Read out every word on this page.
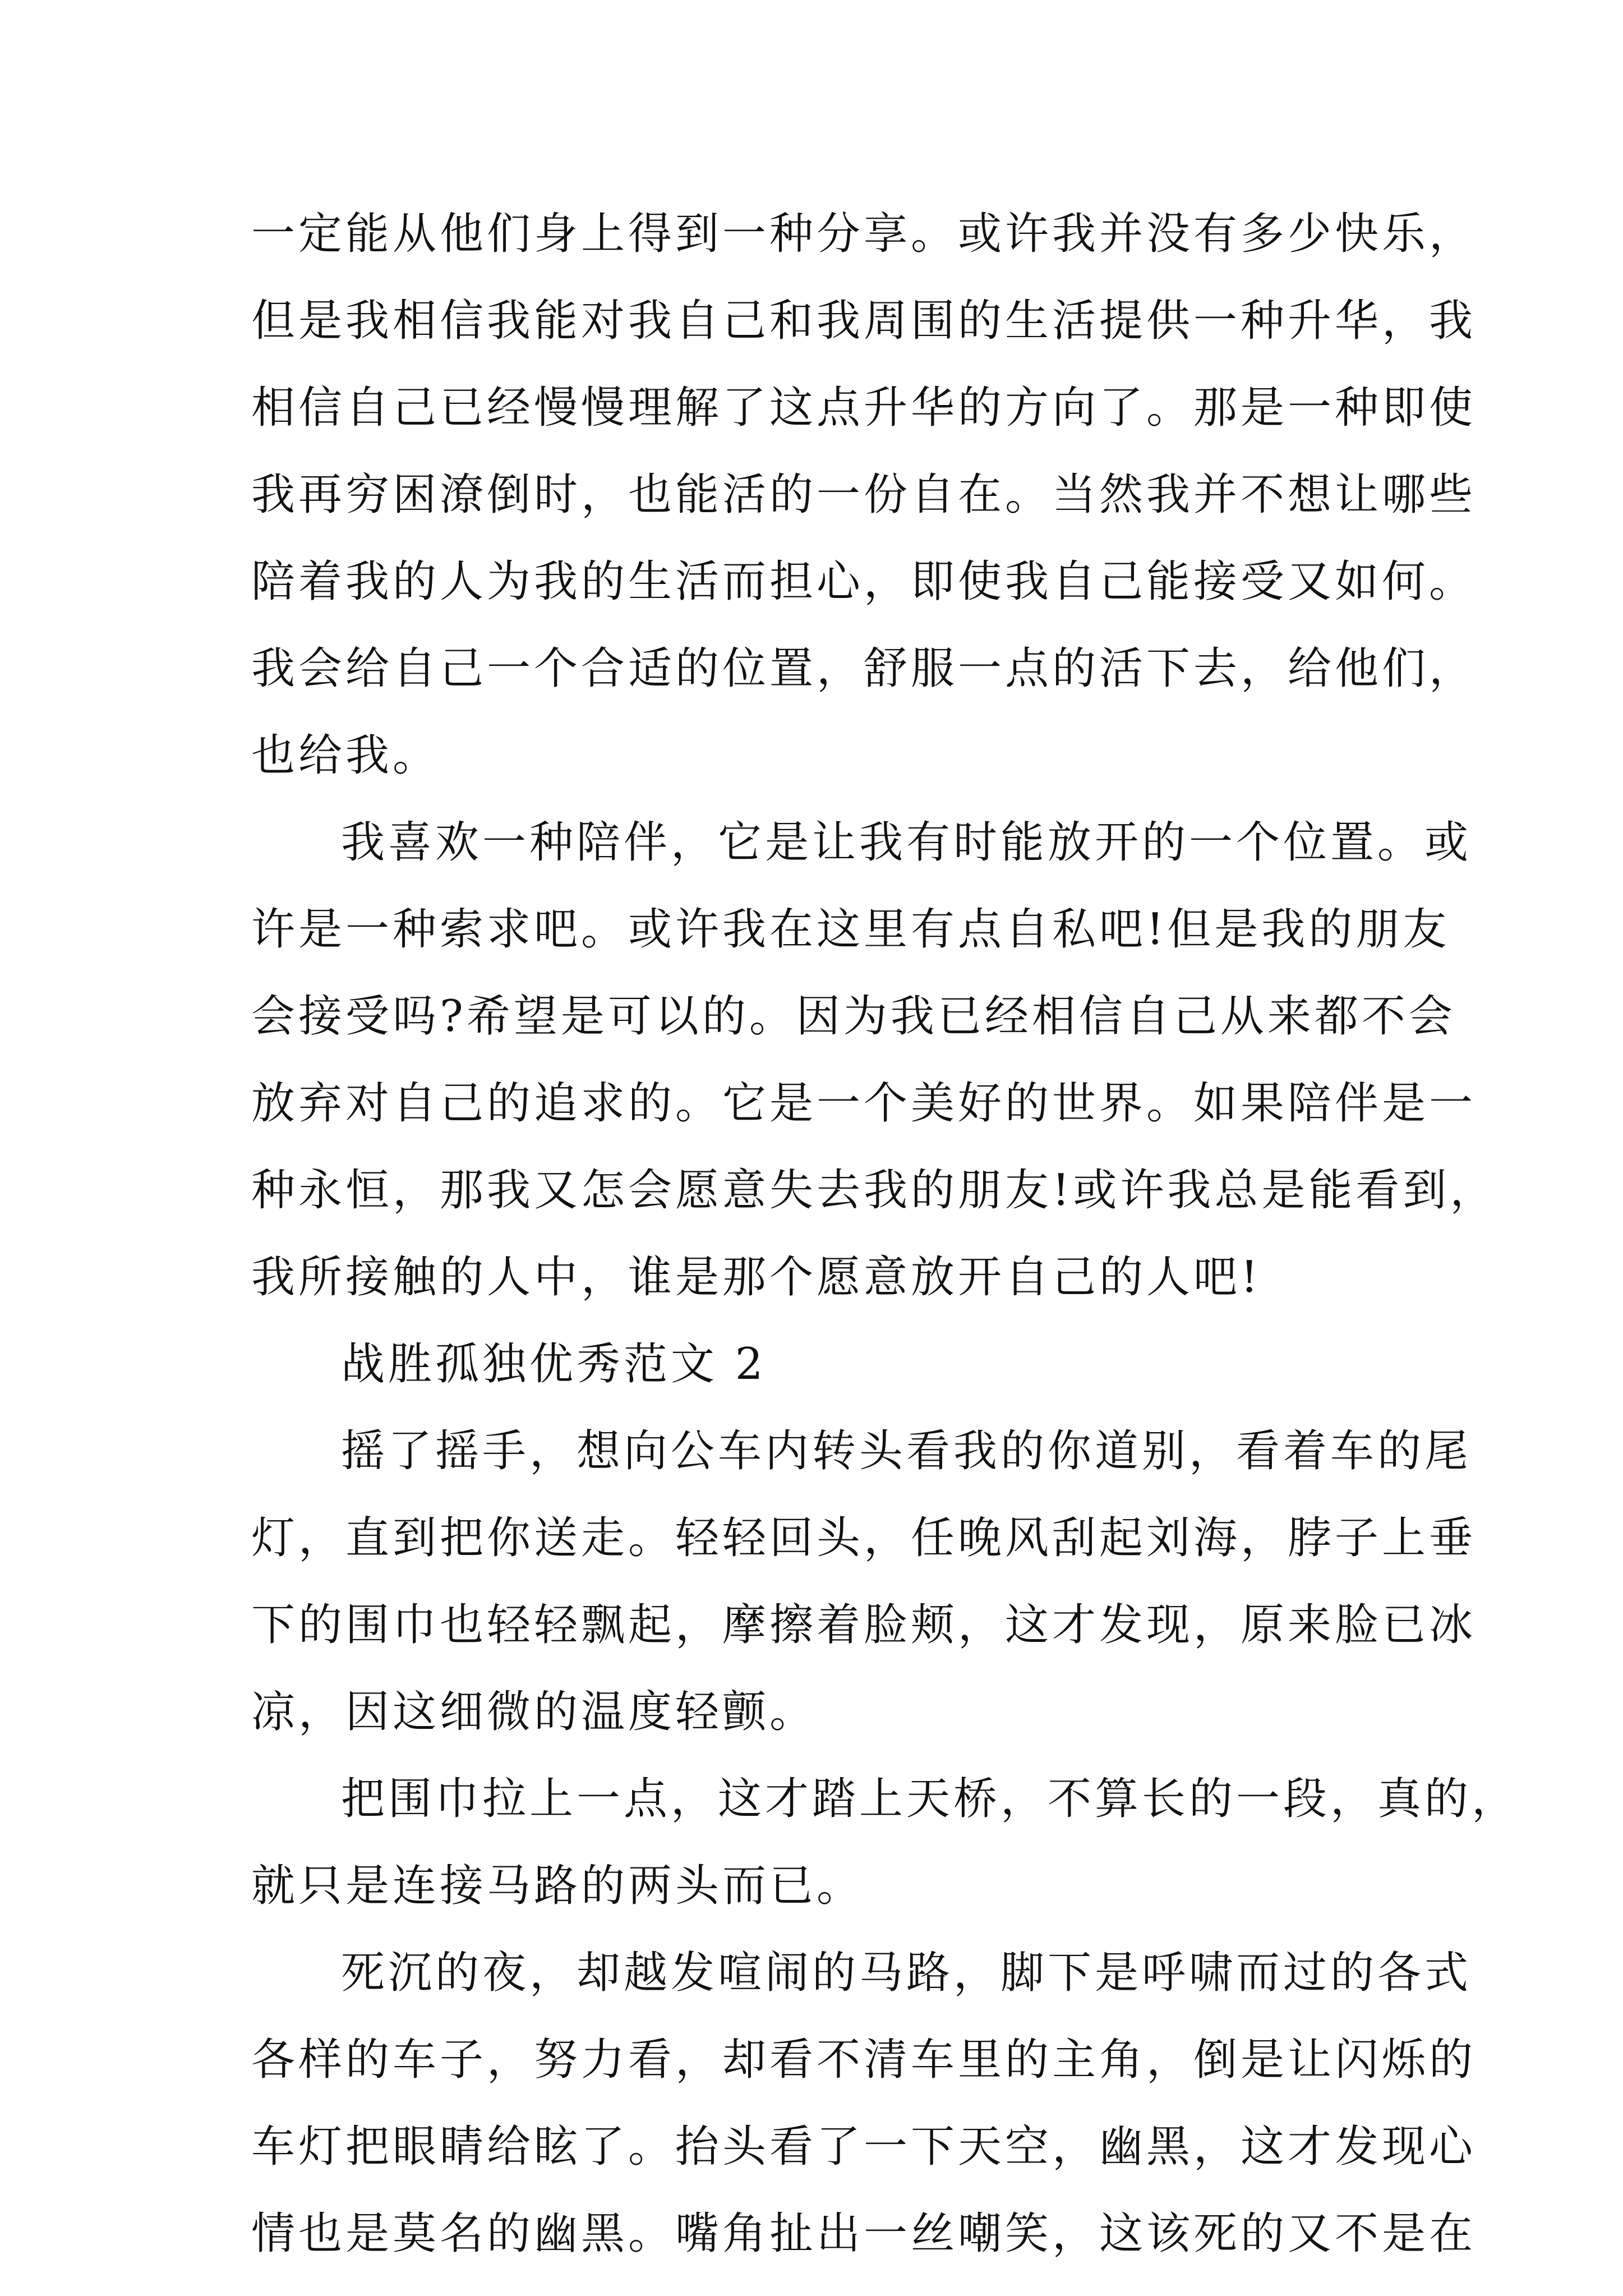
一定能从他们身上得到一种分享。或许我并没有多少快乐，
但是我相信我能对我自己和我周围的生活提供一种升华，我
相信自己已经慢慢理解了这点升华的方向了。那是一种即使
我再穷困潦倒时，也能活的一份自在。当然我并不想让哪些
陪着我的人为我的生活而担心，即使我自己能接受又如何。
我会给自己一个合适的位置，舒服一点的活下去，给他们，
也给我。
我喜欢一种陪伴，它是让我有时能放开的一个位置。或
许是一种索求吧。或许我在这里有点自私吧!但是我的朋友
会接受吗?希望是可以的。因为我已经相信自己从来都不会
放弃对自己的追求的。它是一个美好的世界。如果陪伴是一
种永恒，那我又怎会愿意失去我的朋友!或许我总是能看到，
我所接触的人中，谁是那个愿意放开自己的人吧!
战胜孤独优秀范文 2
摇了摇手，想向公车内转头看我的你道别，看着车的尾
灯，直到把你送走。轻轻回头，任晚风刮起刘海，脖子上垂
下的围巾也轻轻飘起，摩擦着脸颊，这才发现，原来脸已冰
凉，因这细微的温度轻颤。
把围巾拉上一点，这才踏上天桥，不算长的一段，真的，
就只是连接马路的两头而已。
死沉的夜，却越发喧闹的马路，脚下是呼啸而过的各式
各样的车子，努力看，却看不清车里的主角，倒是让闪烁的
车灯把眼睛给眩了。抬头看了一下天空，幽黑，这才发现心
情也是莫名的幽黑。嘴角扯出一丝嘲笑，这该死的又不是在
